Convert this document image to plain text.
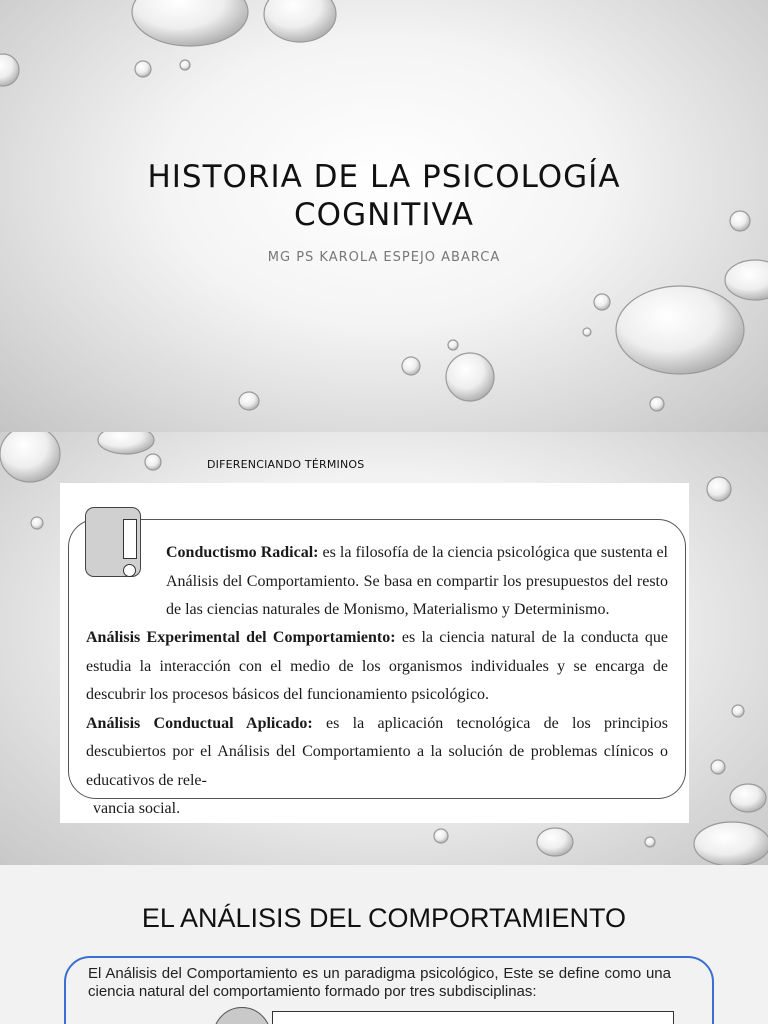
HISTORIA DE LA PSICOLOGÍA
COGNITIVA
MG PS KAROLA ESPEJO ABARCA
DIFERENCIANDO TÉRMINOS

Conductismo Radical: es la filosofía de la ciencia psicológica que sustenta el Análisis del Comportamiento. Se basa en compartir los presupuestos del resto de las ciencias naturales de Monismo, Materialismo y Determinismo.

Análisis Experimental del Comportamiento: es la ciencia natural de la conducta que estudia la interacción con el medio de los organismos individuales y se encarga de descubrir los procesos básicos del funcionamiento psicológico.

Análisis Conductual Aplicado: es la aplicación tecnológica de los principios descubiertos por el Análisis del Comportamiento a la solución de problemas clínicos o educativos de rele-

vancia social.

EL ANÁLISIS DEL COMPORTAMIENTO

El Análisis del Comportamiento es un paradigma psicológico, Este se define como una ciencia natural del comportamiento formado por tres subdisciplinas:
